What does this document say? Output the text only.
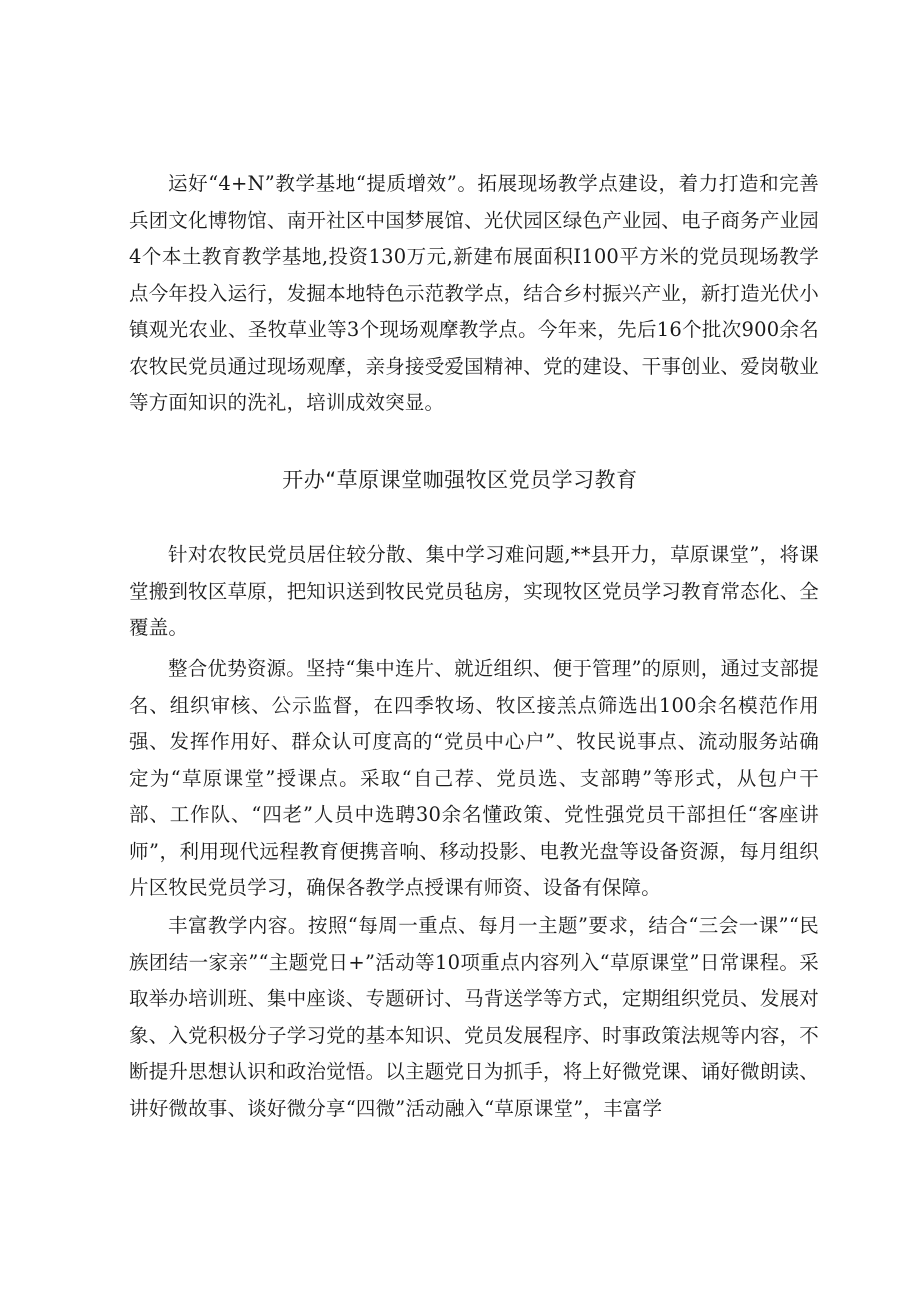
运好“4+N”教学基地“提质增效”。拓展现场教学点建设，着力打造和完善兵团文化博物馆、南开社区中国梦展馆、光伏园区绿色产业园、电子商务产业园4个本土教育教学基地,投资130万元,新建布展面积I100平方米的党员现场教学点今年投入运行，发掘本地特色示范教学点，结合乡村振兴产业，新打造光伏小镇观光农业、圣牧草业等3个现场观摩教学点。今年来，先后16个批次900余名农牧民党员通过现场观摩，亲身接受爱国精神、党的建设、干事创业、爱岗敬业等方面知识的洗礼，培训成效突显。

开办“草原课堂咖强牧区党员学习教育

针对农牧民党员居住较分散、集中学习难问题,**县开力，草原课堂”，将课堂搬到牧区草原，把知识送到牧民党员毡房，实现牧区党员学习教育常态化、全覆盖。

整合优势资源。坚持“集中连片、就近组织、便于管理”的原则，通过支部提名、组织审核、公示监督，在四季牧场、牧区接羔点筛选出100余名模范作用强、发挥作用好、群众认可度高的“党员中心户”、牧民说事点、流动服务站确定为“草原课堂”授课点。采取“自己荐、党员选、支部聘”等形式，从包户干部、工作队、“四老”人员中选聘30余名懂政策、党性强党员干部担任“客座讲师”，利用现代远程教育便携音响、移动投影、电教光盘等设备资源，每月组织片区牧民党员学习，确保各教学点授课有师资、设备有保障。

丰富教学内容。按照“每周一重点、每月一主题”要求，结合“三会一课”“民族团结一家亲”“主题党日+”活动等10项重点内容列入“草原课堂”日常课程。采取举办培训班、集中座谈、专题研讨、马背送学等方式，定期组织党员、发展对象、入党积极分子学习党的基本知识、党员发展程序、时事政策法规等内容，不断提升思想认识和政治觉悟。以主题党日为抓手，将上好微党课、诵好微朗读、讲好微故事、谈好微分享“四微”活动融入“草原课堂”，丰富学
